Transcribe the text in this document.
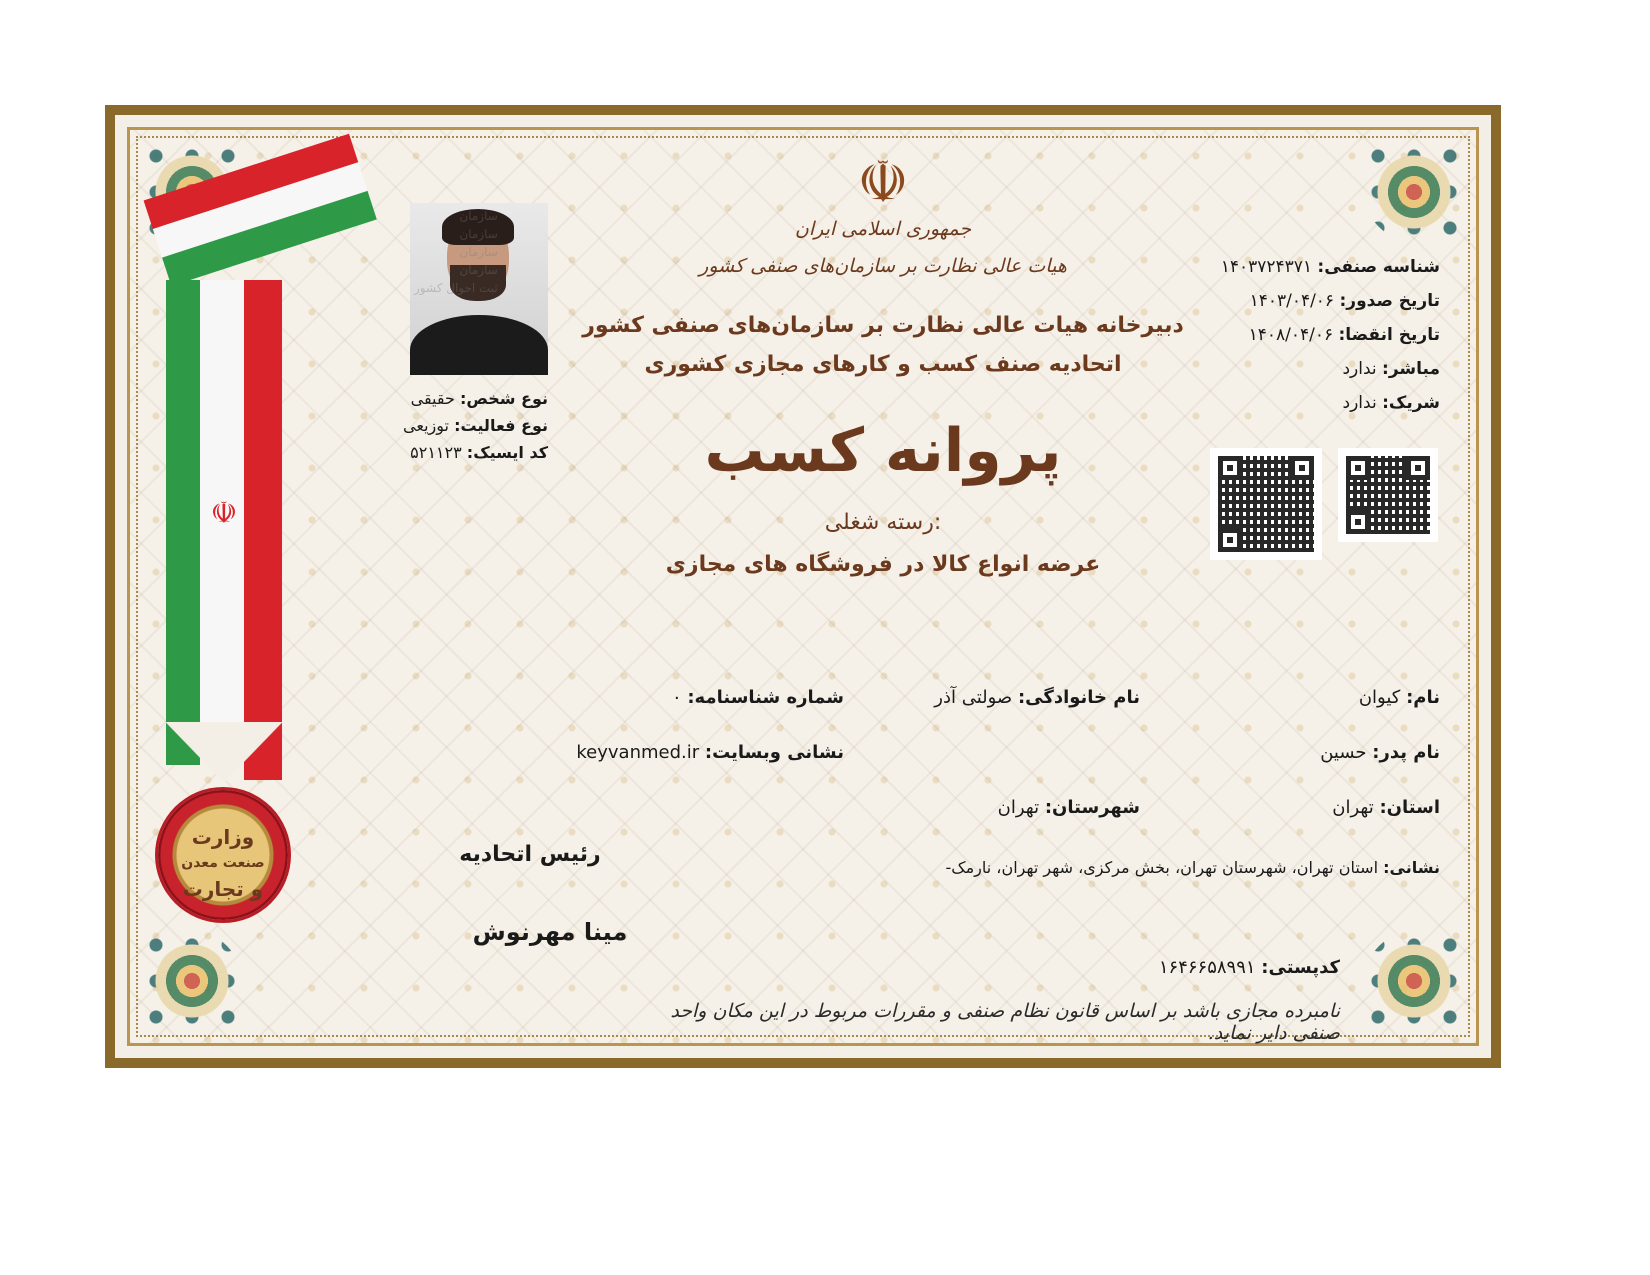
☫
وزارت
صنعت معدن
و تجارت
سازمان
سازمان
سازمان
سازمان
ثبت احوال کشور
نوع شخص: حقیقی
نوع فعالیت: توزیعی
کد ایسیک: ۵۲۱۱۲۳
☫
جمهوری اسلامی ایران
هیات عالی نظارت بر سازمان‌های صنفی کشور
دبیرخانه هیات عالی نظارت بر سازمان‌های صنفی کشور
اتحادیه صنف کسب و کارهای مجازی کشوری
پروانه کسب
رسته شغلی:
عرضه انواع کالا در فروشگاه های مجازی
شناسه صنفی: ۱۴۰۳۷۲۴۳۷۱
تاریخ صدور: ۱۴۰۳/۰۴/۰۶
تاریخ انقضا: ۱۴۰۸/۰۴/۰۶
مباشر: ندارد
شریک: ندارد
نام: کیوان
نام خانوادگی: صولتی آذر
شماره شناسنامه: ۰
نام پدر: حسین
نشانی وبسایت: keyvanmed.ir
استان: تهران
شهرستان: تهران
نشانی: استان تهران، شهرستان تهران، بخش مرکزی، شهر تهران، نارمک-
کدپستی: ۱۶۴۶۶۵۸۹۹۱
رئیس اتحادیه
مینا مهرنوش
نامبرده مجازی باشد بر اساس قانون نظام صنفی و مقررات مربوط در این مکان واحد صنفی دایر نماید.
